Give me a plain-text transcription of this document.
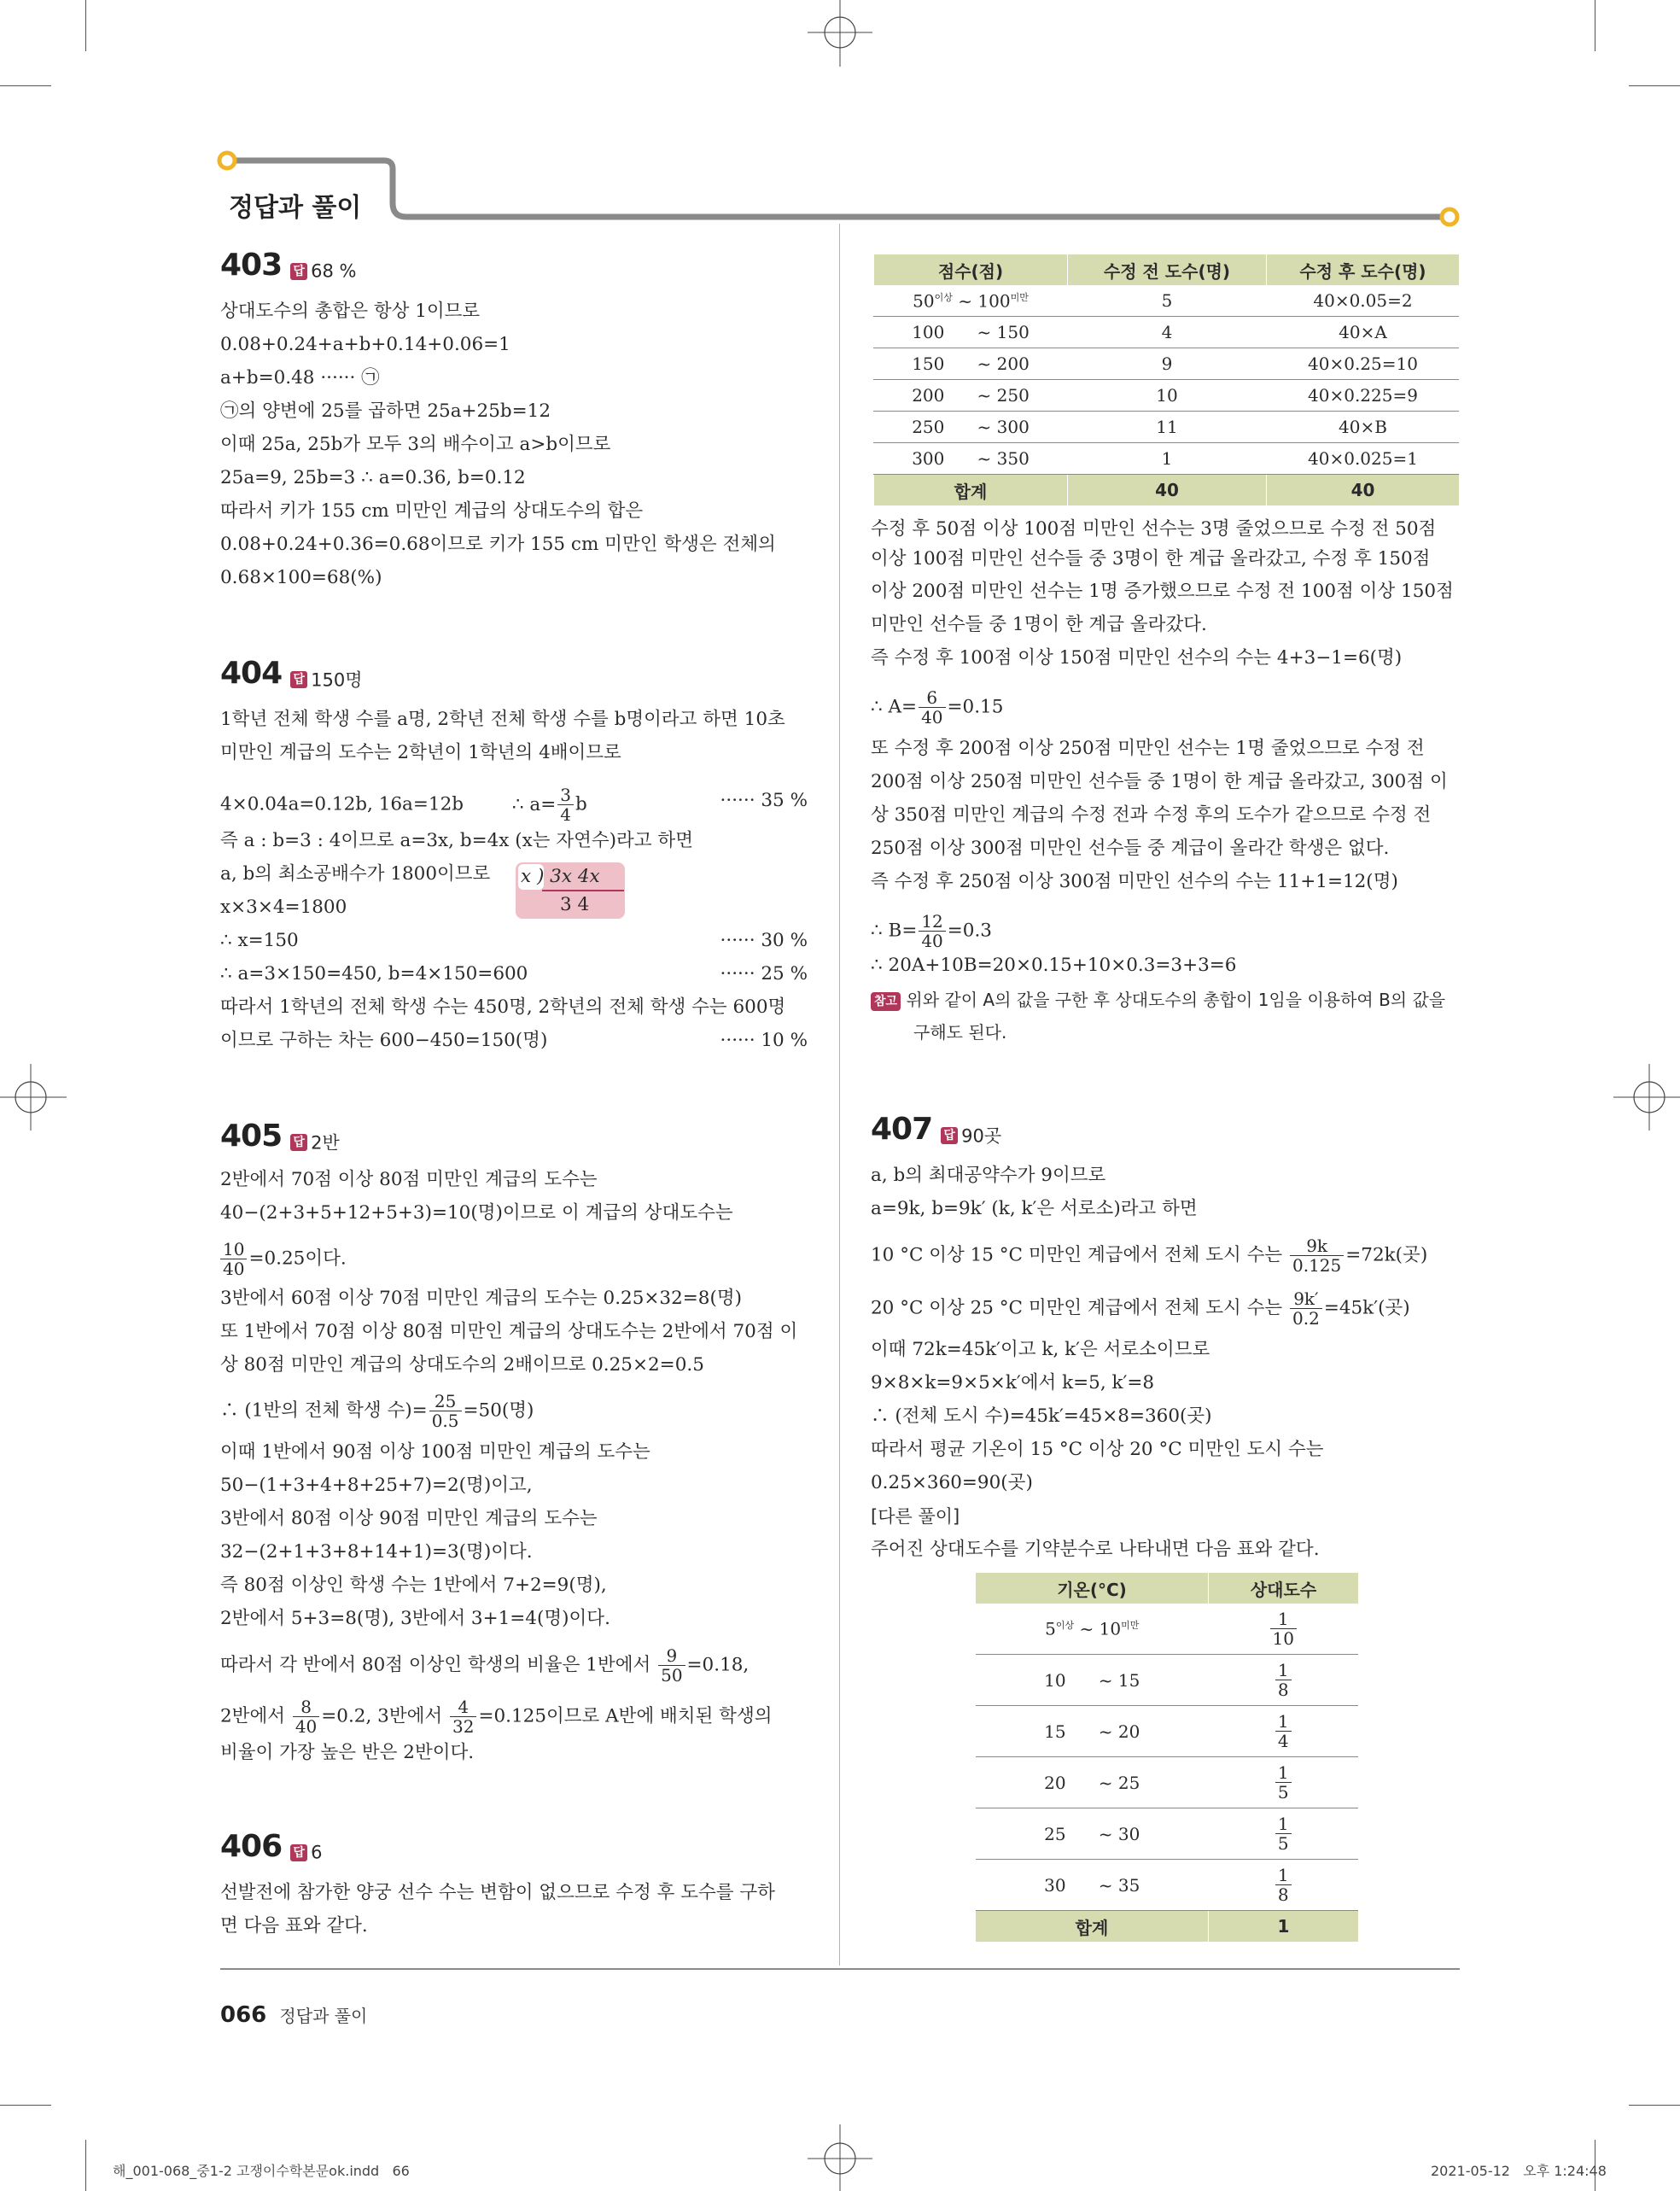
정답과 풀이
403 답 68 %
상대도수의 총합은 항상 1이므로
0.08+0.24+a+b+0.14+0.06=1
a+b=0.48 ······ ㉠
㉠의 양변에 25를 곱하면 25a+25b=12
이때 25a, 25b가 모두 3의 배수이고 a>b이므로
25a=9, 25b=3 ∴ a=0.36, b=0.12
따라서 키가 155 cm 미만인 계급의 상대도수의 합은
0.08+0.24+0.36=0.68이므로 키가 155 cm 미만인 학생은 전체의
0.68×100=68(%)
404 답 150명
1학년 전체 학생 수를 a명, 2학년 전체 학생 수를 b명이라고 하면 10초
미만인 계급의 도수는 2학년이 1학년의 4배이므로
4×0.04a=0.12b, 16a=12b	∴ $a= \frac{3}{4}$ b	······ 35 %
즉 a : b=3 : 4이므로 a=3x, b=4x (x는 자연수)라고 하면
a, b의 최소공배수가 1800이므로 x ) 3x 4x
3 4
x×3×4=1800
∴ x=150	······ 30 %
∴ a=3×150=450, b=4×150=600	······ 25 %
따라서 1학년의 전체 학생 수는 450명, 2학년의 전체 학생 수는 600명
이므로 구하는 차는 600−450=150(명)	······ 10 %
405 답 2반
2반에서 70점 이상 80점 미만인 계급의 도수는
40−(2+3+5+12+5+3)=10(명)이므로 이 계급의 상대도수는
$\frac{10}{40} =0.25$이다.
3반에서 60점 이상 70점 미만인 계급의 도수는 0.25×32=8(명)
또 1반에서 70점 이상 80점 미만인 계급의 상대도수는 2반에서 70점 이
상 80점 미만인 계급의 상대도수의 2배이므로 0.25×2=0.5
∴ (1반의 전체 학생 수)= $\frac{25}{0.5} =50$(명)
이때 1반에서 90점 이상 100점 미만인 계급의 도수는
50−(1+3+4+8+25+7)=2(명)이고,
3반에서 80점 이상 90점 미만인 계급의 도수는
32−(2+1+3+8+14+1)=3(명)이다.
즉 80점 이상인 학생 수는 1반에서 7+2=9(명),
2반에서 5+3=8(명), 3반에서 3+1=4(명)이다.
따라서 각 반에서 80점 이상인 학생의 비율은 1반에서 $\frac{9}{50} =0.18$,
2반에서 $\frac{8}{40} =0.2$, 3반에서 $\frac{4}{32} =0.125$이므로 A반에 배치된 학생의
비율이 가장 높은 반은 2반이다.
406 답 6
선발전에 참가한 양궁 선수 수는 변함이 없으므로 수정 후 도수를 구하
면 다음 표와 같다.
점수(점)	수정 전 도수(명)	수정 후 도수(명)
$50^{이상}$ ~ $100^{미만}$	5	40×0.05=2
100      ~ 150	4	40×A
150      ~ 200	9	40×0.25=10
200      ~ 250	10	40×0.225=9
250      ~ 300	11	40×B
300      ~ 350	1	40×0.025=1
합계	40	40
수정 후 50점 이상 100점 미만인 선수는 3명 줄었으므로 수정 전 50점
이상 100점 미만인 선수들 중 3명이 한 계급 올라갔고, 수정 후 150점
이상 200점 미만인 선수는 1명 증가했으므로 수정 전 100점 이상 150점
미만인 선수들 중 1명이 한 계급 올라갔다.
즉 수정 후 100점 이상 150점 미만인 선수의 수는 4+3−1=6(명)
∴ $A= \frac{6}{40} =0.15$
또 수정 후 200점 이상 250점 미만인 선수는 1명 줄었으므로 수정 전
200점 이상 250점 미만인 선수들 중 1명이 한 계급 올라갔고, 300점 이
상 350점 미만인 계급의 수정 전과 수정 후의 도수가 같으므로 수정 전
250점 이상 300점 미만인 선수들 중 계급이 올라간 학생은 없다.
즉 수정 후 250점 이상 300점 미만인 선수의 수는 11+1=12(명)
∴ $B= \frac{12}{40} =0.3$
∴ 20A+10B=20×0.15+10×0.3=3+3=6
참고 위와 같이 A의 값을 구한 후 상대도수의 총합이 1임을 이용하여 B의 값을
구해도 된다.
407 답 90곳
a, b의 최대공약수가 9이므로
a=9k, b=9k′ (k, k′은 서로소)라고 하면
10 °C 이상 15 °C 미만인 계급에서 전체 도시 수는 $\frac{9k}{0.125} =72k$(곳)
20 °C 이상 25 °C 미만인 계급에서 전체 도시 수는 $\frac{9k'}{0.2} =45k'$(곳)
이때 72k=45k′이고 k, k′은 서로소이므로
9×8×k=9×5×k′에서 k=5, k′=8
∴ (전체 도시 수)=45k′=45×8=360(곳)
따라서 평균 기온이 15 °C 이상 20 °C 미만인 도시 수는
0.25×360=90(곳)
[다른 풀이]
주어진 상대도수를 기약분수로 나타내면 다음 표와 같다.
기온(°C)	상대도수
$5^{이상}$ ~ $10^{미만}$	$\frac{1}{10}$

10      ~ 15	$\frac{1}{8}$

15      ~ 20	$\frac{1}{4}$

20      ~ 25	$\frac{1}{5}$

25      ~ 30	$\frac{1}{5}$

30      ~ 35	$\frac{1}{8}$

합계	1
066 정답과 풀이
해_001-068_중1-2 고쟁이수학본문ok.indd   66	2021-05-12   오후 1:24:48
